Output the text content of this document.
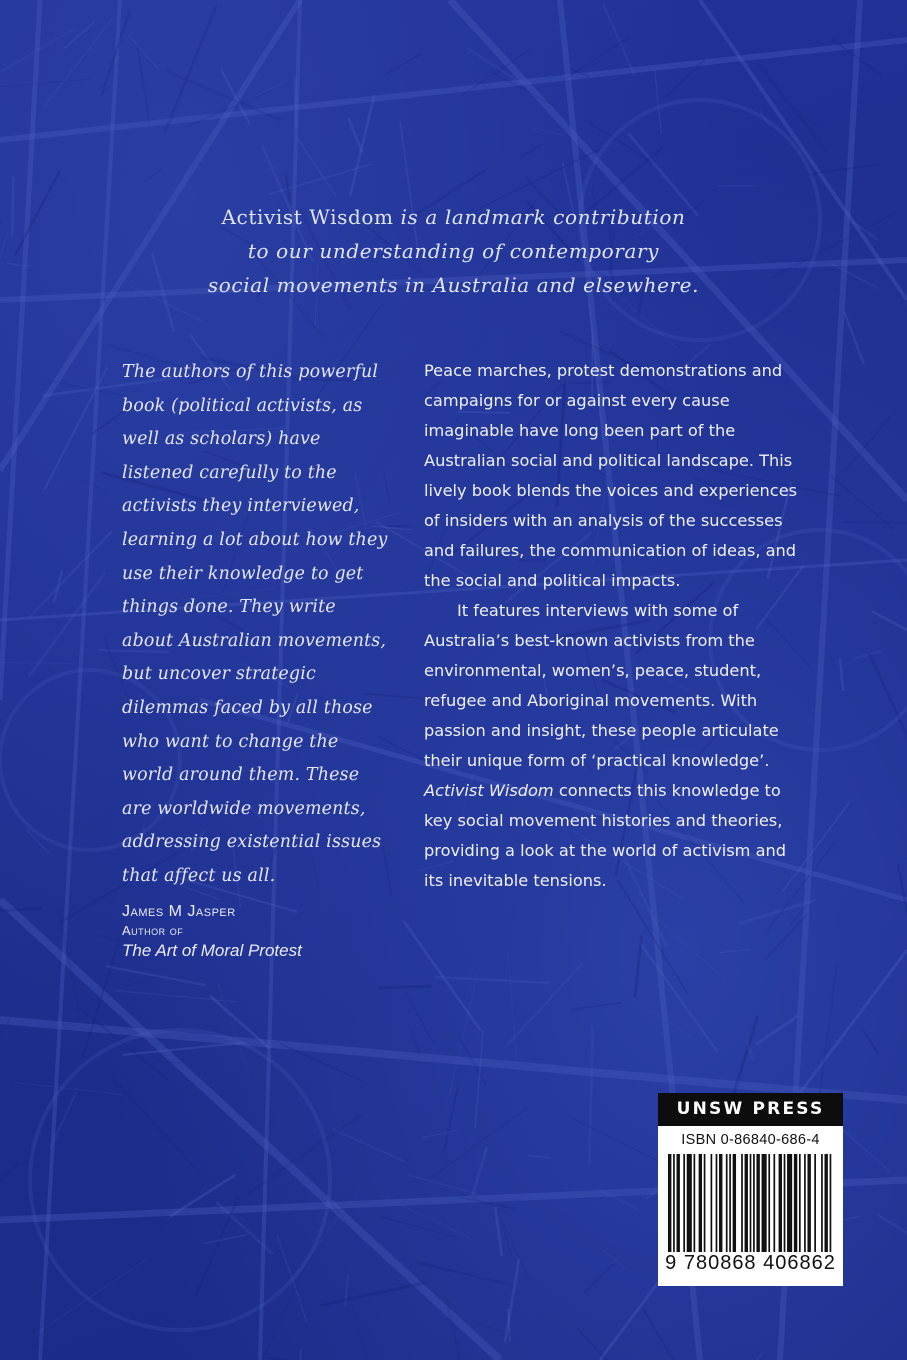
Activist Wisdom is a landmark contribution
to our understanding of contemporary
social movements in Australia and elsewhere.
The authors of this powerful book (political activists, as well as scholars) have listened carefully to the activists they interviewed, learning a lot about how they use their knowledge to get things done. They write about Australian movements, but uncover strategic dilemmas faced by all those who want to change the world around them. These are worldwide movements, addressing existential issues that affect us all.
James M Jasper
Author of
The Art of Moral Protest

Peace marches, protest demonstrations and campaigns for or against every cause imaginable have long been part of the Australian social and political landscape. This lively book blends the voices and experiences of insiders with an analysis of the successes and failures, the communication of ideas, and the social and political impacts.

It features interviews with some of Australia’s best-known activists from the environmental, women’s, peace, student, refugee and Aboriginal movements. With passion and insight, these people articulate their unique form of ‘practical knowledge’. Activist Wisdom connects this knowledge to key social movement histories and theories, providing a look at the world of activism and its inevitable tensions.

UNSW PRESS
ISBN 0-86840-686-4
9 780868 406862
